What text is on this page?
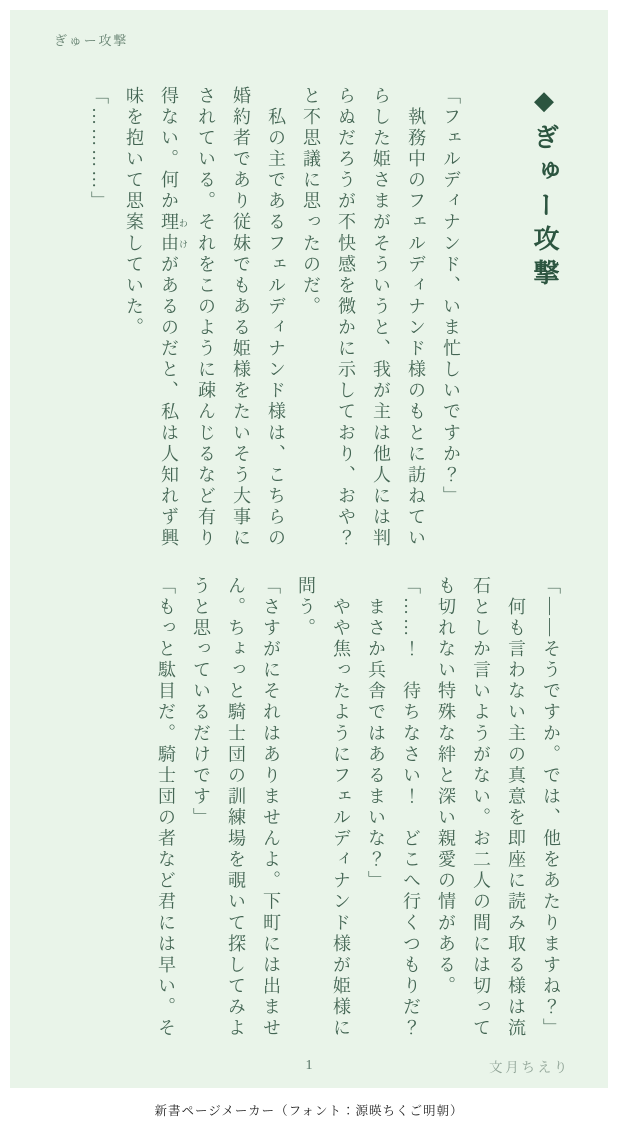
ぎゅー攻撃
◆ぎゅー攻撃
「フェルディナンド、いま忙しいですか？」
　執務中のフェルディナンド様のもとに訪ねてい
らした姫さまがそういうと、我が主は他人には判
らぬだろうが不快感を微かに示しており、おや？
と不思議に思ったのだ。
　私の主であるフェルディナンド様は、こちらの
婚約者であり従妹でもある姫様をたいそう大事に
されている。それをこのように疎んじるなど有り
得ない。何か理由 わけがあるのだと、私は人知れず興
味を抱いて思案していた。
「…………」
「――そうですか。では、他をあたりますね？」
　何も言わない主の真意を即座に読み取る様は流
石としか言いようがない。お二人の間には切って
も切れない特殊な絆と深い親愛の情がある。
「……！　待ちなさい！　どこへ行くつもりだ？
　まさか兵舎ではあるまいな？」
　やや焦ったようにフェルディナンド様が姫様に
問う。
「さすがにそれはありませんよ。下町には出ませ
ん。ちょっと騎士団の訓練場を覗いて探してみよ
うと思っているだけです」
「もっと駄目だ。騎士団の者など君には早い。そ
1	文月ちえり
新書ページメーカー（フォント：源暎ちくご明朝）
